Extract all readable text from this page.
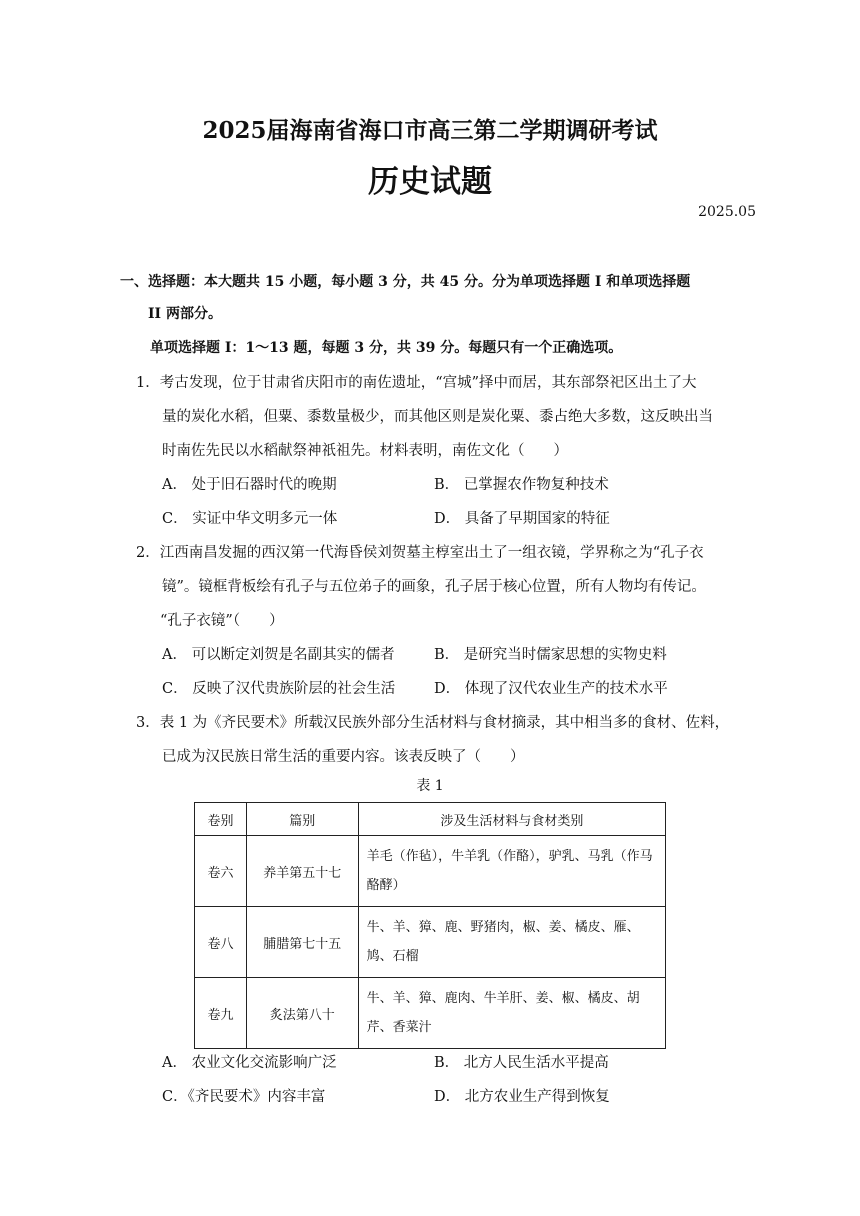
2025届海南省海口市高三第二学期调研考试
历史试题
2025.05
一、选择题：本大题共 15 小题，每小题 3 分，共 45 分。分为单项选择题 I 和单项选择题
II 两部分。
单项选择题 I：1～13 题，每题 3 分，共 39 分。每题只有一个正确选项。
1．考古发现，位于甘肃省庆阳市的南佐遗址，“宫城”择中而居，其东部祭祀区出土了大
量的炭化水稻，但粟、黍数量极少，而其他区则是炭化粟、黍占绝大多数，这反映出当
时南佐先民以水稻献祭神祇祖先。材料表明，南佐文化（　　）
A． 处于旧石器时代的晚期	B． 已掌握农作物复种技术
C． 实证中华文明多元一体	D． 具备了早期国家的特征
2．江西南昌发掘的西汉第一代海昏侯刘贺墓主椁室出土了一组衣镜，学界称之为“孔子衣
镜”。镜框背板绘有孔子与五位弟子的画象，孔子居于核心位置，所有人物均有传记。
“孔子衣镜”（　　）
A． 可以断定刘贺是名副其实的儒者	B． 是研究当时儒家思想的实物史料
C． 反映了汉代贵族阶层的社会生活	D． 体现了汉代农业生产的技术水平
3．表 1 为《齐民要术》所载汉民族外部分生活材料与食材摘录，其中相当多的食材、佐料，
已成为汉民族日常生活的重要内容。该表反映了（　　）
表 1
卷别	篇别	涉及生活材料与食材类别
卷六	养羊第五十七	羊毛（作毡），牛羊乳（作酪），驴乳、马乳（作马酪酵）
卷八	脯腊第七十五	牛、羊、獐、鹿、野猪肉，椒、姜、橘皮、雁、鸠、石榴
卷九	炙法第八十	牛、羊、獐、鹿肉、牛羊肝、姜、椒、橘皮、胡芹、香菜汁
A． 农业文化交流影响广泛	B． 北方人民生活水平提高
C．《齐民要术》内容丰富	D． 北方农业生产得到恢复
